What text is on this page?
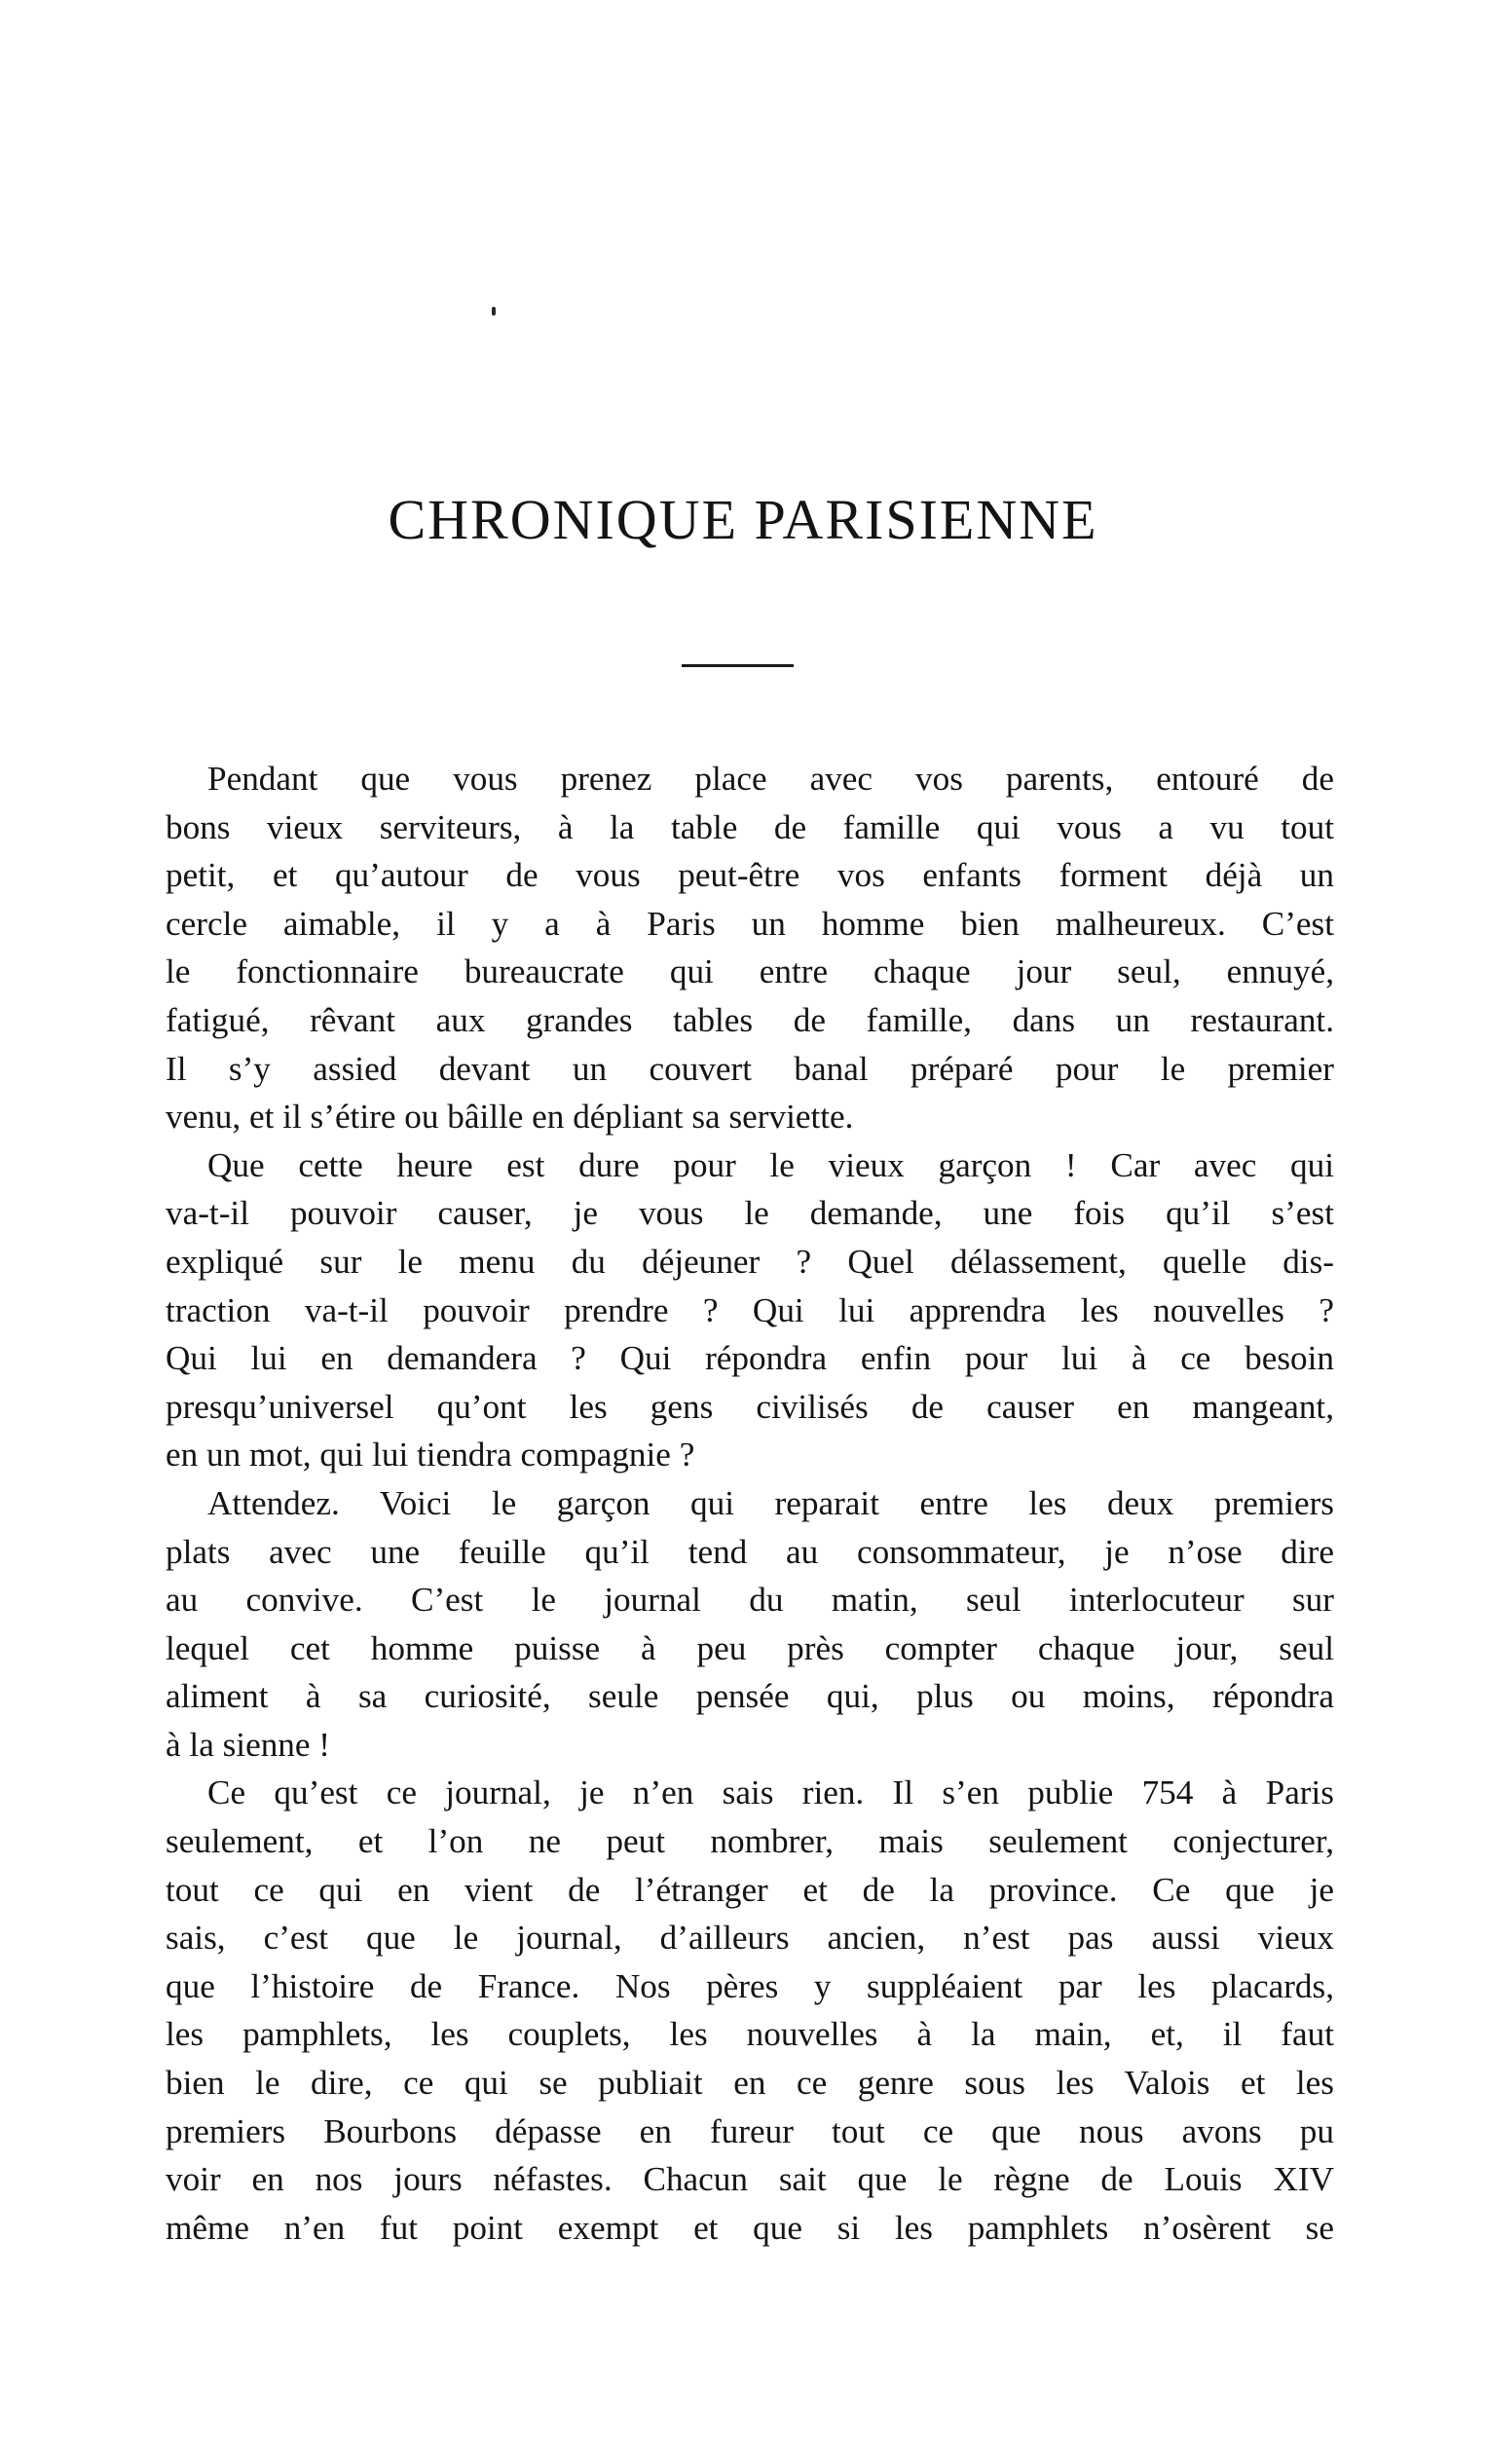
CHRONIQUE PARISIENNE
Pendant que vous prenez place avec vos parents, entouré de
bons vieux serviteurs, à la table de famille qui vous a vu tout
petit, et qu’autour de vous peut-être vos enfants forment déjà un
cercle aimable, il y a à Paris un homme bien malheureux. C’est
le fonctionnaire bureaucrate qui entre chaque jour seul, ennuyé,
fatigué, rêvant aux grandes tables de famille, dans un restaurant.
Il s’y assied devant un couvert banal préparé pour le premier
venu, et il s’étire ou bâille en dépliant sa serviette.
Que cette heure est dure pour le vieux garçon ! Car avec qui
va-t-il pouvoir causer, je vous le demande, une fois qu’il s’est
expliqué sur le menu du déjeuner ? Quel délassement, quelle dis-
traction va-t-il pouvoir prendre ? Qui lui apprendra les nouvelles ?
Qui lui en demandera ? Qui répondra enfin pour lui à ce besoin
presqu’universel qu’ont les gens civilisés de causer en mangeant,
en un mot, qui lui tiendra compagnie ?
Attendez. Voici le garçon qui reparait entre les deux premiers
plats avec une feuille qu’il tend au consommateur, je n’ose dire
au convive. C’est le journal du matin, seul interlocuteur sur
lequel cet homme puisse à peu près compter chaque jour, seul
aliment à sa curiosité, seule pensée qui, plus ou moins, répondra
à la sienne !
Ce qu’est ce journal, je n’en sais rien. Il s’en publie 754 à Paris
seulement, et l’on ne peut nombrer, mais seulement conjecturer,
tout ce qui en vient de l’étranger et de la province. Ce que je
sais, c’est que le journal, d’ailleurs ancien, n’est pas aussi vieux
que l’histoire de France. Nos pères y suppléaient par les placards,
les pamphlets, les couplets, les nouvelles à la main, et, il faut
bien le dire, ce qui se publiait en ce genre sous les Valois et les
premiers Bourbons dépasse en fureur tout ce que nous avons pu
voir en nos jours néfastes. Chacun sait que le règne de Louis XIV
même n’en fut point exempt et que si les pamphlets n’osèrent se
